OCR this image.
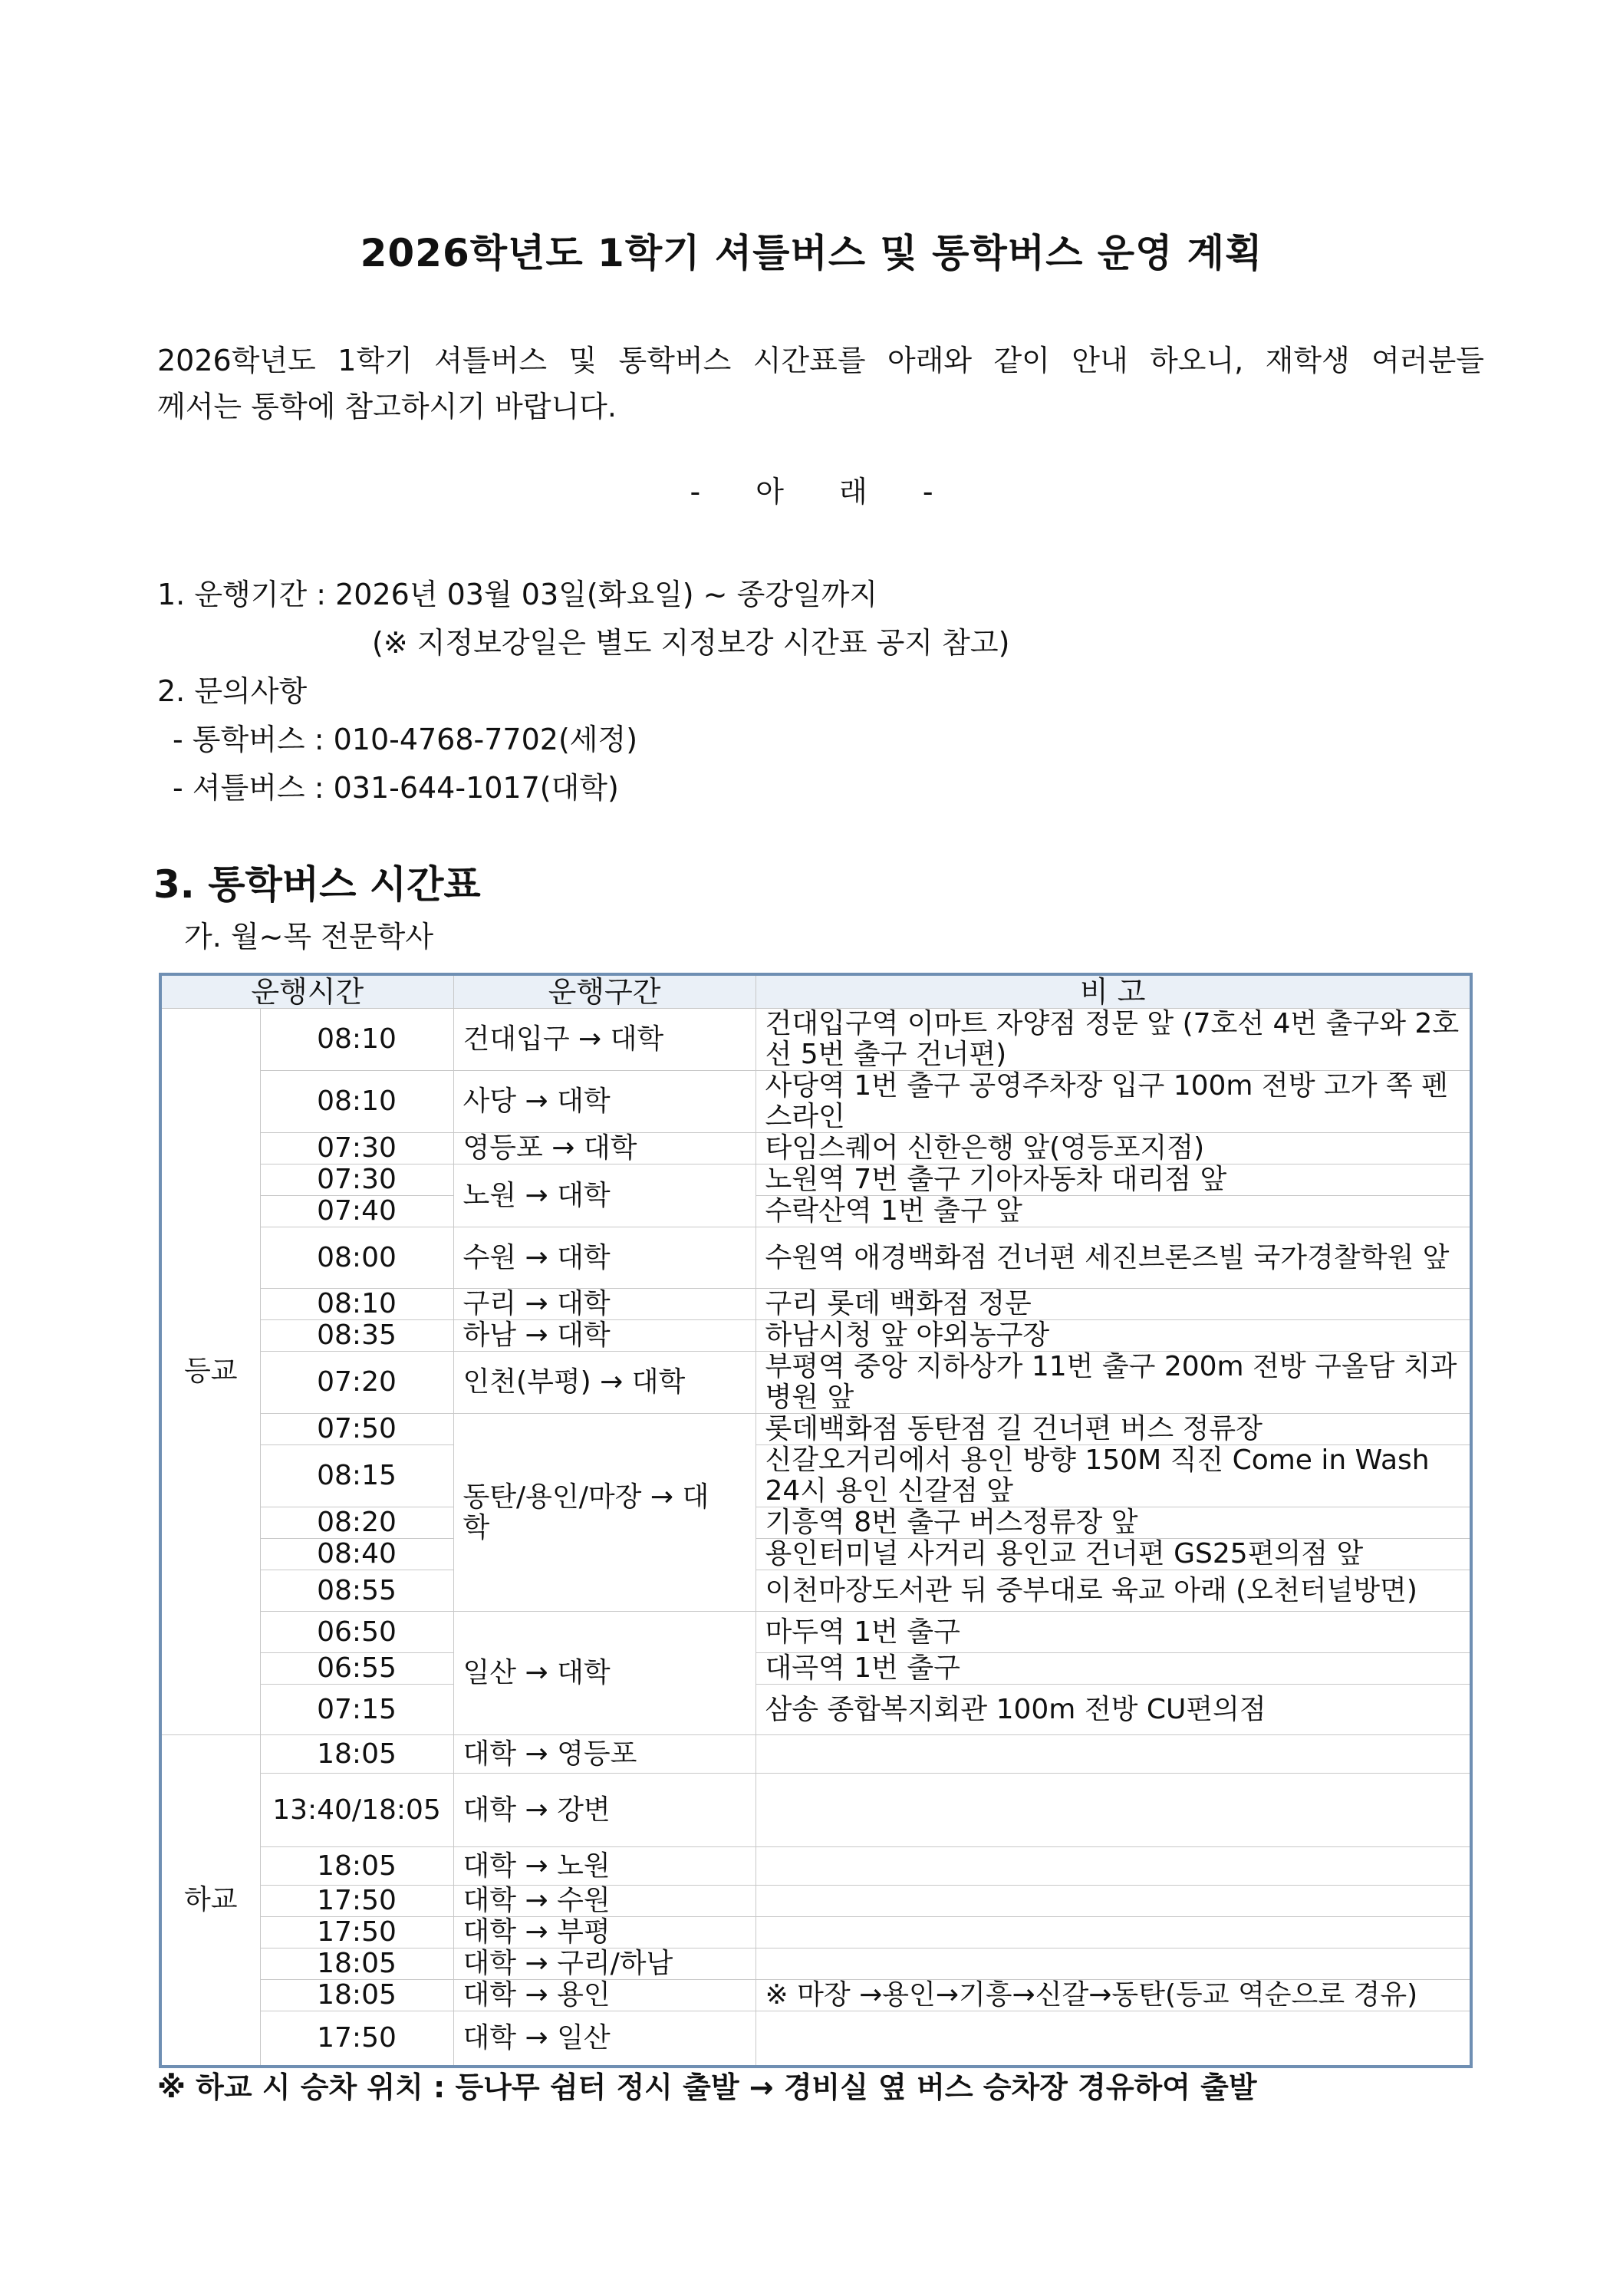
2026학년도 1학기 셔틀버스 및 통학버스 운영 계획
2026학년도 1학기 셔틀버스 및 통학버스 시간표를 아래와 같이 안내 하오니, 재학생 여러분들
께서는 통학에 참고하시기 바랍니다.
- 아 래 -
1. 운행기간 : 2026년 03월 03일(화요일) ~ 종강일까지
(※ 지정보강일은 별도 지정보강 시간표 공지 참고)
2. 문의사항
- 통학버스 : 010-4768-7702(세정)
- 셔틀버스 : 031-644-1017(대학)
3. 통학버스 시간표
가. 월~목 전문학사
운행시간		운행구간	비 고
등교	08:10	건대입구 → 대학	건대입구역 이마트 자양점 정문 앞 (7호선 4번 출구와 2호선 5번 출구 건너편)
	08:10	사당 → 대학	사당역 1번 출구 공영주차장 입구 100m 전방 고가 쪽 펜스라인
	07:30	영등포 → 대학	타임스퀘어 신한은행 앞(영등포지점)
	07:30	노원 → 대학	노원역 7번 출구 기아자동차 대리점 앞
	07:40		수락산역 1번 출구 앞
	08:00	수원 → 대학	수원역 애경백화점 건너편 세진브론즈빌 국가경찰학원 앞
	08:10	구리 → 대학	구리 롯데 백화점 정문
	08:35	하남 → 대학	하남시청 앞 야외농구장
	07:20	인천(부평) → 대학	부평역 중앙 지하상가 11번 출구 200m 전방 구올담 치과병원 앞
	07:50	동탄/용인/마장 → 대학	롯데백화점 동탄점 길 건너편 버스 정류장
	08:15		신갈오거리에서 용인 방향 150M 직진 Come in Wash 24시 용인 신갈점 앞
	08:20		기흥역 8번 출구 버스정류장 앞
	08:40		용인터미널 사거리 용인교 건너편 GS25편의점 앞
	08:55		이천마장도서관 뒤 중부대로 육교 아래 (오천터널방면)
	06:50	일산 → 대학	마두역 1번 출구
	06:55		대곡역 1번 출구
	07:15		삼송 종합복지회관 100m 전방 CU편의점
하교	18:05	대학 → 영등포	
	13:40/18:05	대학 → 강변	
	18:05	대학 → 노원	
	17:50	대학 → 수원	
	17:50	대학 → 부평	
	18:05	대학 → 구리/하남	
	18:05	대학 → 용인	※ 마장 →용인→기흥→신갈→동탄(등교 역순으로 경유)
	17:50	대학 → 일산	
※ 하교 시 승차 위치 : 등나무 쉼터 정시 출발 → 경비실 옆 버스 승차장 경유하여 출발
